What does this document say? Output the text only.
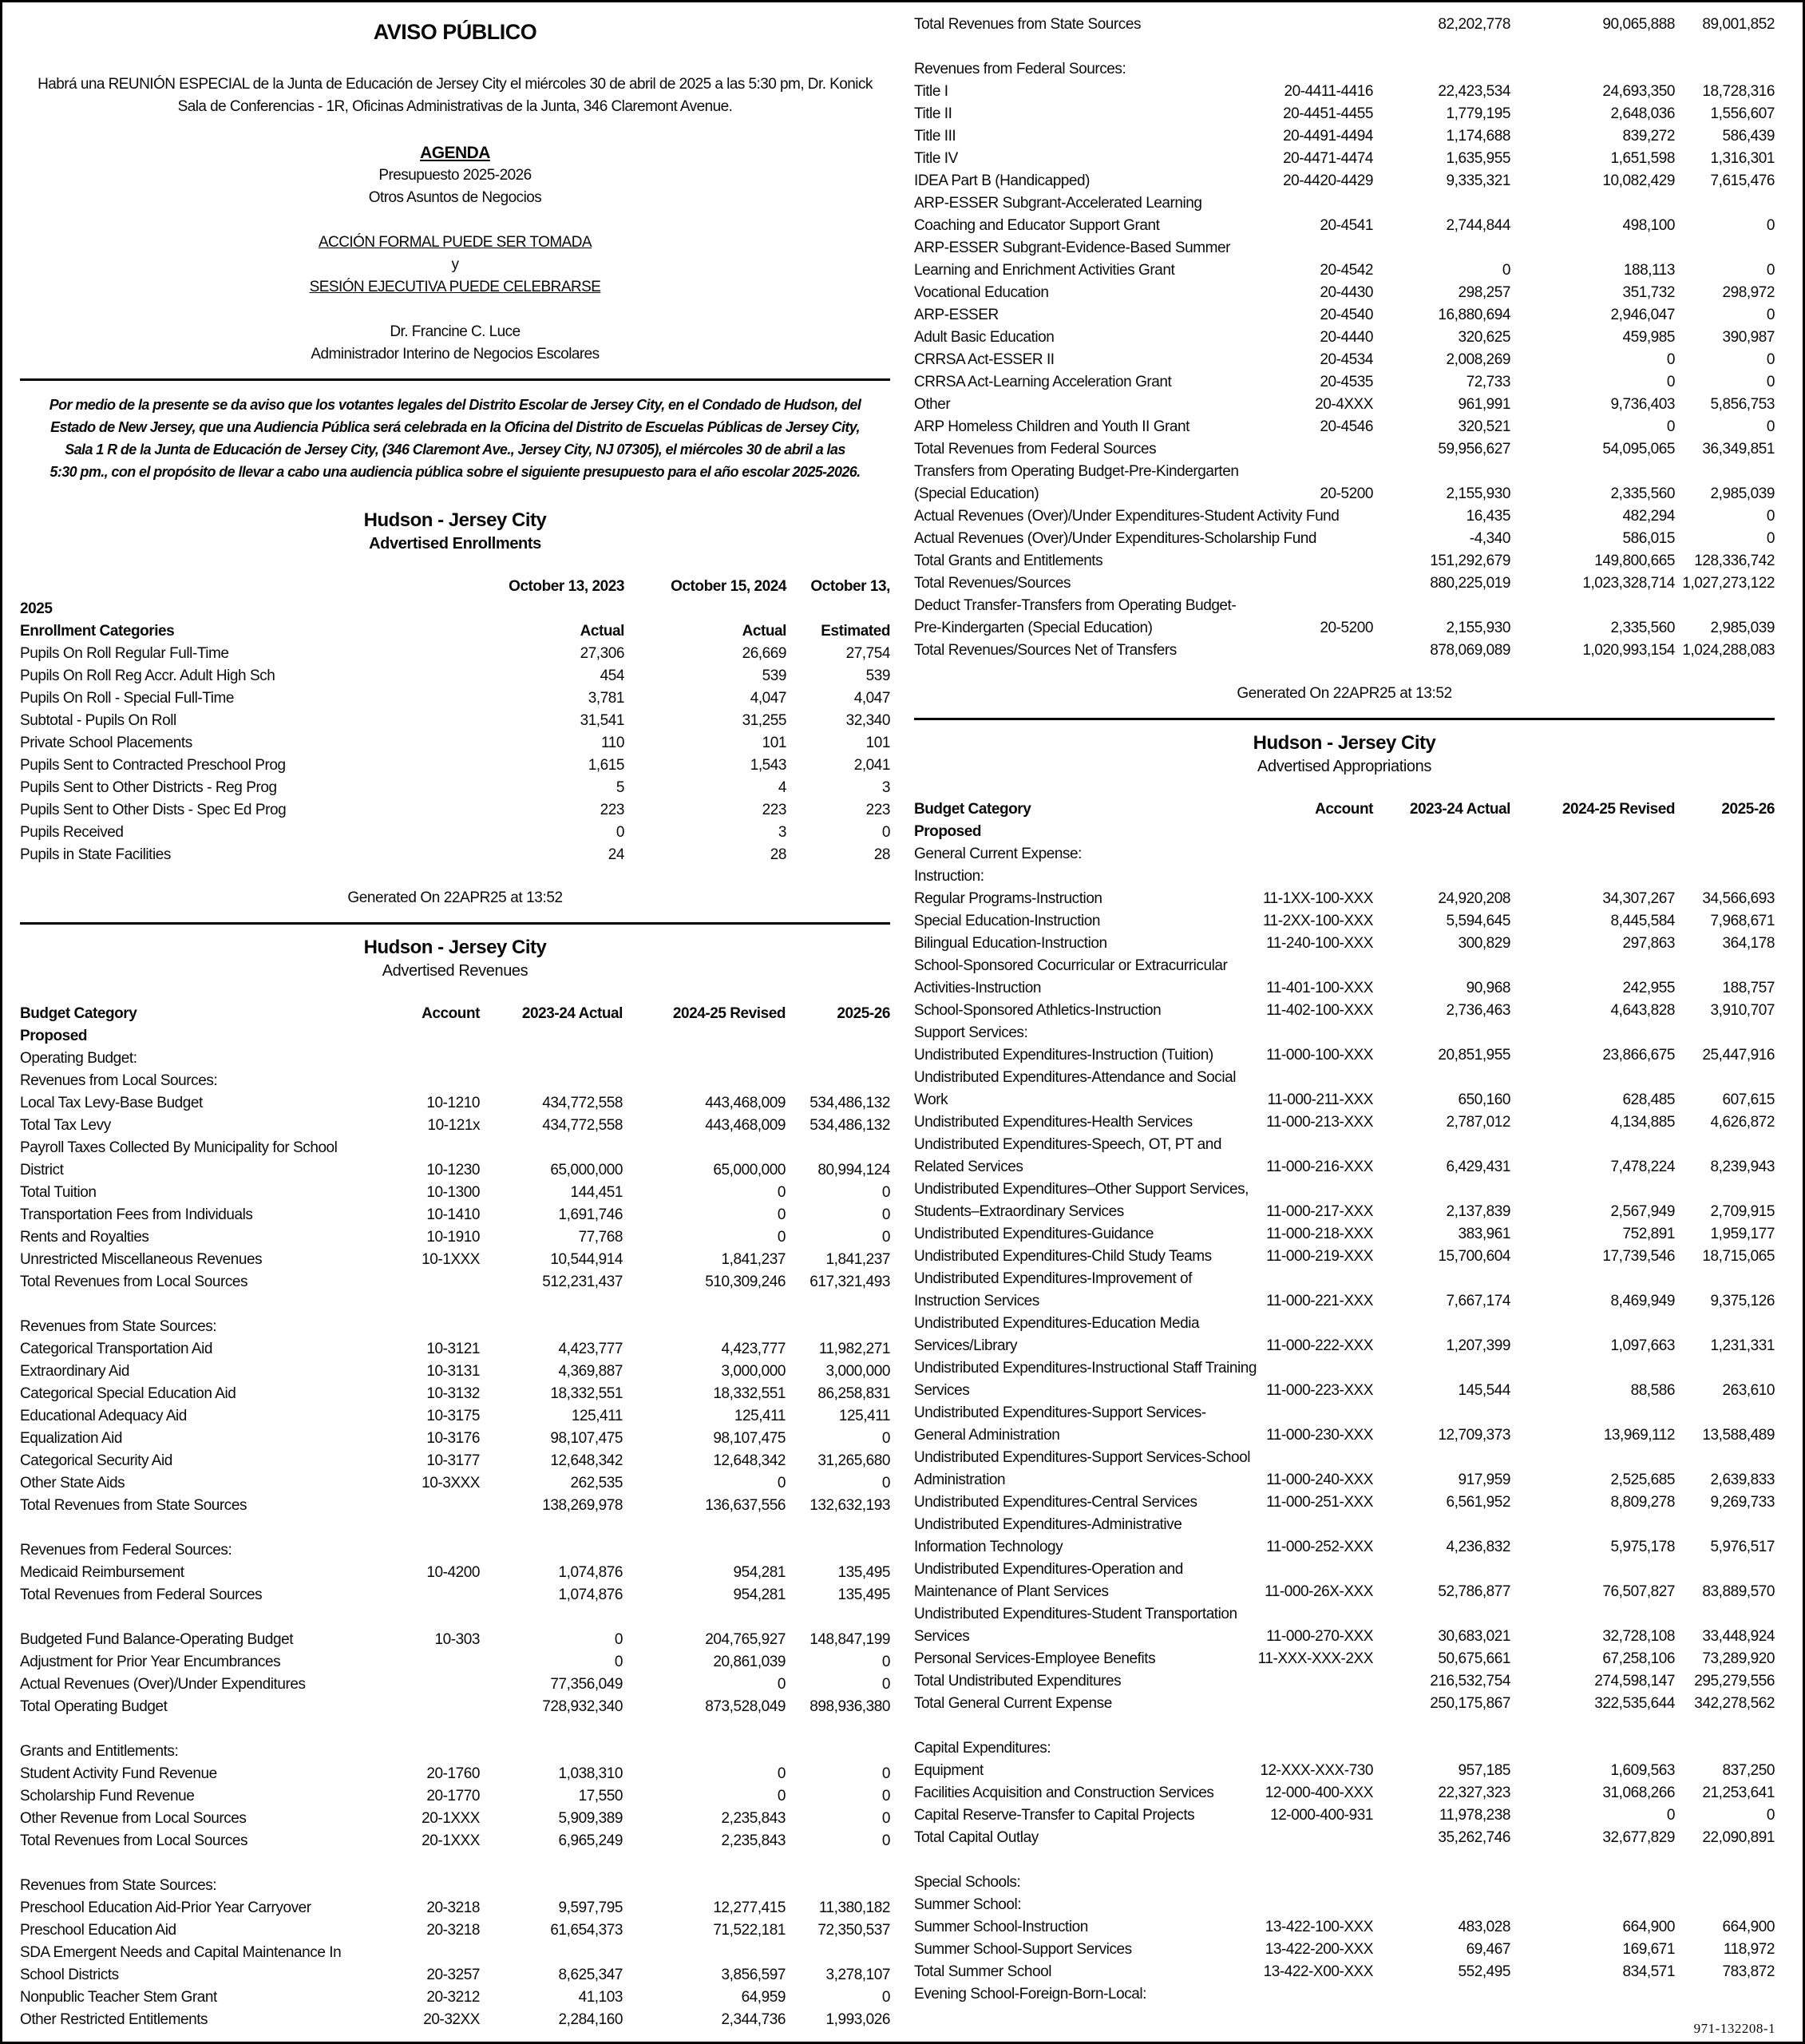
AVISO PÚBLICO
Habrá una REUNIÓN ESPECIAL de la Junta de Educación de Jersey City el miércoles 30 de abril de 2025 a las 5:30 pm, Dr. Konick
Sala de Conferencias - 1R, Oficinas Administrativas de la Junta, 346 Claremont Avenue.
AGENDA
Presupuesto 2025-2026
Otros Asuntos de Negocios
ACCIÓN FORMAL PUEDE SER TOMADA
y
SESIÓN EJECUTIVA PUEDE CELEBRARSE
Dr. Francine C. Luce
Administrador Interino de Negocios Escolares
Por medio de la presente se da aviso que los votantes legales del Distrito Escolar de Jersey City, en el Condado de Hudson, del
Estado de New Jersey, que una Audiencia Pública será celebrada en la Oficina del Distrito de Escuelas Públicas de Jersey City,
Sala 1 R de la Junta de Educación de Jersey City, (346 Claremont Ave., Jersey City, NJ 07305), el miércoles 30 de abril a las
5:30 pm., con el propósito de llevar a cabo una audiencia pública sobre el siguiente presupuesto para el año escolar 2025-2026.
Hudson - Jersey City
Advertised Enrollments
	October 13, 2023	October 15, 2024	October 13,
2025			
Enrollment Categories	Actual	Actual	Estimated
Pupils On Roll Regular Full-Time	27,306	26,669	27,754
Pupils On Roll Reg Accr. Adult High Sch	454	539	539
Pupils On Roll - Special Full-Time	3,781	4,047	4,047
Subtotal - Pupils On Roll	31,541	31,255	32,340
Private School Placements	110	101	101
Pupils Sent to Contracted Preschool Prog	1,615	1,543	2,041
Pupils Sent to Other Districts - Reg Prog	5	4	3
Pupils Sent to Other Dists - Spec Ed Prog	223	223	223
Pupils Received	0	3	0
Pupils in State Facilities	24	28	28
Generated On 22APR25 at 13:52
Hudson - Jersey City
Advertised Revenues
Budget Category	Account	2023-24 Actual	2024-25 Revised	2025-26
Proposed				
Operating Budget:				
Revenues from Local Sources:				
Local Tax Levy-Base Budget	10-1210	434,772,558	443,468,009	534,486,132
Total Tax Levy	10-121x	434,772,558	443,468,009	534,486,132
Payroll Taxes Collected By Municipality for School District	10-1230	65,000,000	65,000,000	80,994,124
Total Tuition	10-1300	144,451	0	0
Transportation Fees from Individuals	10-1410	1,691,746	0	0
Rents and Royalties	10-1910	77,768	0	0
Unrestricted Miscellaneous Revenues	10-1XXX	10,544,914	1,841,237	1,841,237
Total Revenues from Local Sources		512,231,437	510,309,246	617,321,493

Revenues from State Sources:				
Categorical Transportation Aid	10-3121	4,423,777	4,423,777	11,982,271
Extraordinary Aid	10-3131	4,369,887	3,000,000	3,000,000
Categorical Special Education Aid	10-3132	18,332,551	18,332,551	86,258,831
Educational Adequacy Aid	10-3175	125,411	125,411	125,411
Equalization Aid	10-3176	98,107,475	98,107,475	0
Categorical Security Aid	10-3177	12,648,342	12,648,342	31,265,680
Other State Aids	10-3XXX	262,535	0	0
Total Revenues from State Sources		138,269,978	136,637,556	132,632,193

Revenues from Federal Sources:				
Medicaid Reimbursement	10-4200	1,074,876	954,281	135,495
Total Revenues from Federal Sources		1,074,876	954,281	135,495

Budgeted Fund Balance-Operating Budget	10-303	0	204,765,927	148,847,199
Adjustment for Prior Year Encumbrances		0	20,861,039	0
Actual Revenues (Over)/Under Expenditures		77,356,049	0	0
Total Operating Budget		728,932,340	873,528,049	898,936,380

Grants and Entitlements:				
Student Activity Fund Revenue	20-1760	1,038,310	0	0
Scholarship Fund Revenue	20-1770	17,550	0	0
Other Revenue from Local Sources	20-1XXX	5,909,389	2,235,843	0
Total Revenues from Local Sources	20-1XXX	6,965,249	2,235,843	0

Revenues from State Sources:				
Preschool Education Aid-Prior Year Carryover	20-3218	9,597,795	12,277,415	11,380,182
Preschool Education Aid	20-3218	61,654,373	71,522,181	72,350,537
SDA Emergent Needs and Capital Maintenance In School Districts	20-3257	8,625,347	3,856,597	3,278,107
Nonpublic Teacher Stem Grant	20-3212	41,103	64,959	0
Other Restricted Entitlements	20-32XX	2,284,160	2,344,736	1,993,026
Total Revenues from State Sources		82,202,778	90,065,888	89,001,852

Revenues from Federal Sources:				
Title I	20-4411-4416	22,423,534	24,693,350	18,728,316
Title II	20-4451-4455	1,779,195	2,648,036	1,556,607
Title III	20-4491-4494	1,174,688	839,272	586,439
Title IV	20-4471-4474	1,635,955	1,651,598	1,316,301
IDEA Part B (Handicapped)	20-4420-4429	9,335,321	10,082,429	7,615,476
ARP-ESSER Subgrant-Accelerated Learning Coaching and Educator Support Grant	20-4541	2,744,844	498,100	0
ARP-ESSER Subgrant-Evidence-Based Summer Learning and Enrichment Activities Grant	20-4542	0	188,113	0
Vocational Education	20-4430	298,257	351,732	298,972
ARP-ESSER	20-4540	16,880,694	2,946,047	0
Adult Basic Education	20-4440	320,625	459,985	390,987
CRRSA Act-ESSER II	20-4534	2,008,269	0	0
CRRSA Act-Learning Acceleration Grant	20-4535	72,733	0	0
Other	20-4XXX	961,991	9,736,403	5,856,753
ARP Homeless Children and Youth II Grant	20-4546	320,521	0	0
Total Revenues from Federal Sources		59,956,627	54,095,065	36,349,851
Transfers from Operating Budget-Pre-Kindergarten (Special Education)	20-5200	2,155,930	2,335,560	2,985,039
Actual Revenues (Over)/Under Expenditures-Student Activity Fund		16,435	482,294	0
Actual Revenues (Over)/Under Expenditures-Scholarship Fund		-4,340	586,015	0
Total Grants and Entitlements		151,292,679	149,800,665	128,336,742
Total Revenues/Sources		880,225,019	1,023,328,714	1,027,273,122
Deduct Transfer-Transfers from Operating Budget-Pre-Kindergarten (Special Education)	20-5200	2,155,930	2,335,560	2,985,039
Total Revenues/Sources Net of Transfers		878,069,089	1,020,993,154	1,024,288,083
Generated On 22APR25 at 13:52
Hudson - Jersey City
Advertised Appropriations
Budget Category	Account	2023-24 Actual	2024-25 Revised	2025-26
Proposed				
General Current Expense:				
Instruction:				
Regular Programs-Instruction	11-1XX-100-XXX	24,920,208	34,307,267	34,566,693
Special Education-Instruction	11-2XX-100-XXX	5,594,645	8,445,584	7,968,671
Bilingual Education-Instruction	11-240-100-XXX	300,829	297,863	364,178
School-Sponsored Cocurricular or Extracurricular Activities-Instruction	11-401-100-XXX	90,968	242,955	188,757
School-Sponsored Athletics-Instruction	11-402-100-XXX	2,736,463	4,643,828	3,910,707
Support Services:				
Undistributed Expenditures-Instruction (Tuition)	11-000-100-XXX	20,851,955	23,866,675	25,447,916
Undistributed Expenditures-Attendance and Social Work	11-000-211-XXX	650,160	628,485	607,615
Undistributed Expenditures-Health Services	11-000-213-XXX	2,787,012	4,134,885	4,626,872
Undistributed Expenditures-Speech, OT, PT and Related Services	11-000-216-XXX	6,429,431	7,478,224	8,239,943
Undistributed Expenditures–Other Support Services, Students–Extraordinary Services	11-000-217-XXX	2,137,839	2,567,949	2,709,915
Undistributed Expenditures-Guidance	11-000-218-XXX	383,961	752,891	1,959,177
Undistributed Expenditures-Child Study Teams	11-000-219-XXX	15,700,604	17,739,546	18,715,065
Undistributed Expenditures-Improvement of Instruction Services	11-000-221-XXX	7,667,174	8,469,949	9,375,126
Undistributed Expenditures-Education Media Services/Library	11-000-222-XXX	1,207,399	1,097,663	1,231,331
Undistributed Expenditures-Instructional Staff Training Services	11-000-223-XXX	145,544	88,586	263,610
Undistributed Expenditures-Support Services-General Administration	11-000-230-XXX	12,709,373	13,969,112	13,588,489
Undistributed Expenditures-Support Services-School Administration	11-000-240-XXX	917,959	2,525,685	2,639,833
Undistributed Expenditures-Central Services	11-000-251-XXX	6,561,952	8,809,278	9,269,733
Undistributed Expenditures-Administrative Information Technology	11-000-252-XXX	4,236,832	5,975,178	5,976,517
Undistributed Expenditures-Operation and Maintenance of Plant Services	11-000-26X-XXX	52,786,877	76,507,827	83,889,570
Undistributed Expenditures-Student Transportation Services	11-000-270-XXX	30,683,021	32,728,108	33,448,924
Personal Services-Employee Benefits	11-XXX-XXX-2XX	50,675,661	67,258,106	73,289,920
Total Undistributed Expenditures		216,532,754	274,598,147	295,279,556
Total General Current Expense		250,175,867	322,535,644	342,278,562

Capital Expenditures:				
Equipment	12-XXX-XXX-730	957,185	1,609,563	837,250
Facilities Acquisition and Construction Services	12-000-400-XXX	22,327,323	31,068,266	21,253,641
Capital Reserve-Transfer to Capital Projects	12-000-400-931	11,978,238	0	0
Total Capital Outlay		35,262,746	32,677,829	22,090,891

Special Schools:				
Summer School:				
Summer School-Instruction	13-422-100-XXX	483,028	664,900	664,900
Summer School-Support Services	13-422-200-XXX	69,467	169,671	118,972
Total Summer School	13-422-X00-XXX	552,495	834,571	783,872
Evening School-Foreign-Born-Local:				
971-132208-1
